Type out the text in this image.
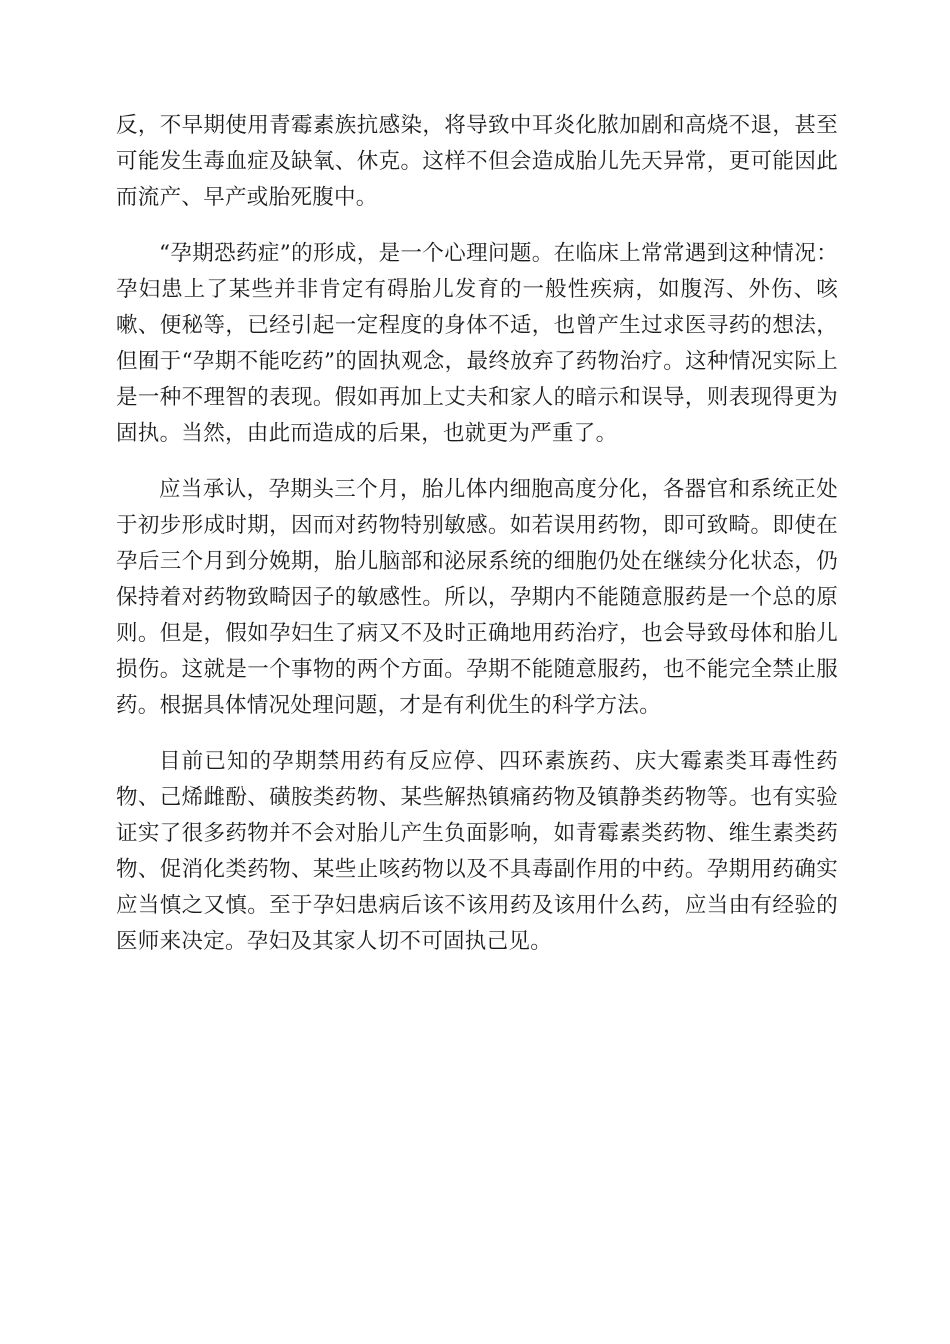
反，不早期使用青霉素族抗感染，将导致中耳炎化脓加剧和高烧不退，甚至可能发生毒血症及缺氧、休克。这样不但会造成胎儿先天异常，更可能因此而流产、早产或胎死腹中。

“孕期恐药症”的形成，是一个心理问题。在临床上常常遇到这种情况：孕妇患上了某些并非肯定有碍胎儿发育的一般性疾病，如腹泻、外伤、咳嗽、便秘等，已经引起一定程度的身体不适，也曾产生过求医寻药的想法，但囿于“孕期不能吃药”的固执观念，最终放弃了药物治疗。这种情况实际上是一种不理智的表现。假如再加上丈夫和家人的暗示和误导，则表现得更为固执。当然，由此而造成的后果，也就更为严重了。

应当承认，孕期头三个月，胎儿体内细胞高度分化，各器官和系统正处于初步形成时期，因而对药物特别敏感。如若误用药物，即可致畸。即使在孕后三个月到分娩期，胎儿脑部和泌尿系统的细胞仍处在继续分化状态，仍保持着对药物致畸因子的敏感性。所以，孕期内不能随意服药是一个总的原则。但是，假如孕妇生了病又不及时正确地用药治疗，也会导致母体和胎儿损伤。这就是一个事物的两个方面。孕期不能随意服药，也不能完全禁止服药。根据具体情况处理问题，才是有利优生的科学方法。

目前已知的孕期禁用药有反应停、四环素族药、庆大霉素类耳毒性药物、己烯雌酚、磺胺类药物、某些解热镇痛药物及镇静类药物等。也有实验证实了很多药物并不会对胎儿产生负面影响，如青霉素类药物、维生素类药物、促消化类药物、某些止咳药物以及不具毒副作用的中药。孕期用药确实应当慎之又慎。至于孕妇患病后该不该用药及该用什么药，应当由有经验的医师来决定。孕妇及其家人切不可固执己见。
